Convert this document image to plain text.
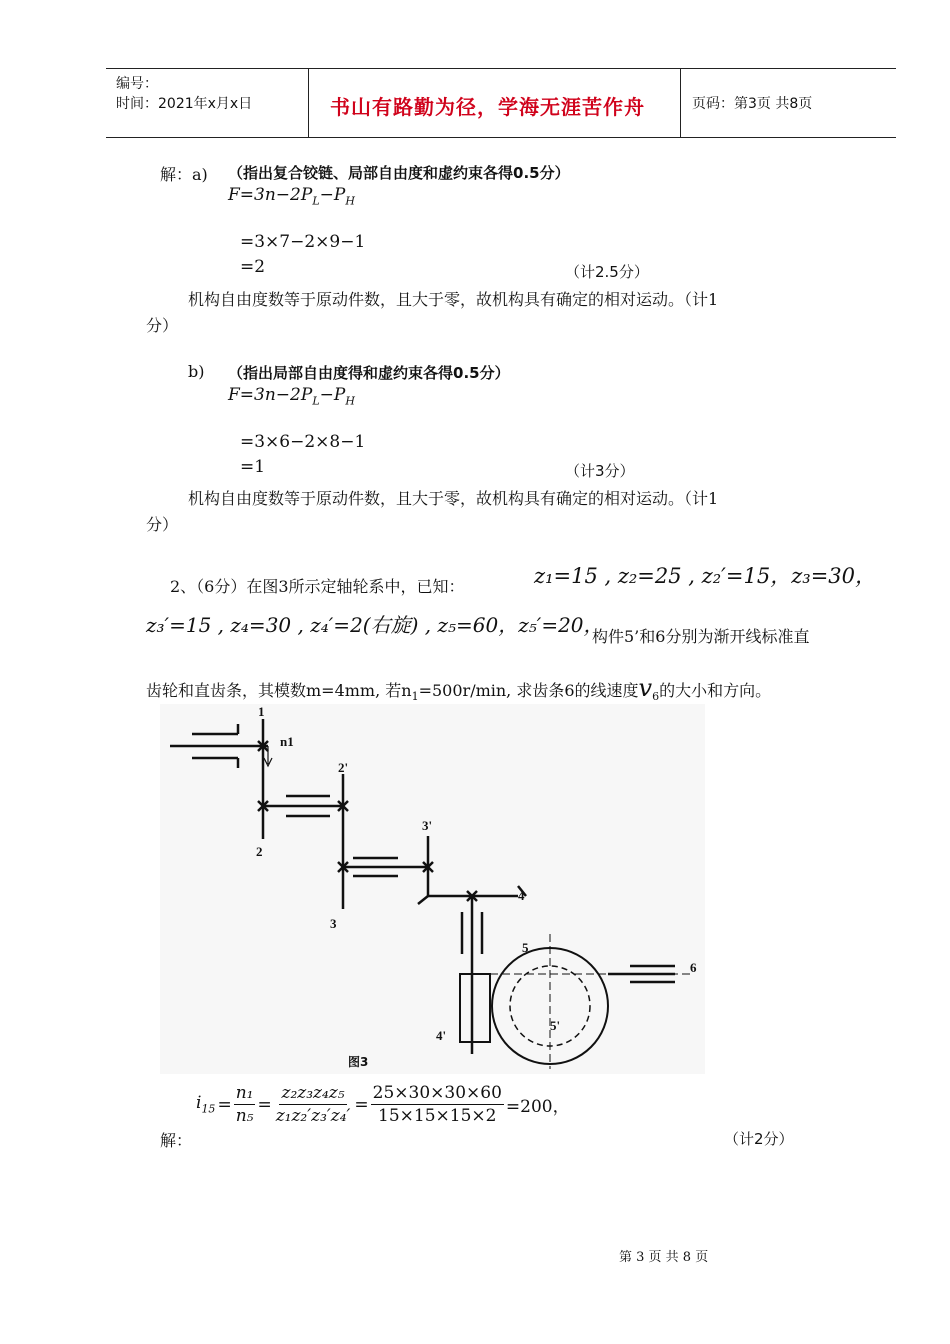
编号：
时间：2021年x月x日	书山有路勤为径，学海无涯苦作舟	页码：第3页 共8页
解：a) （指出复合铰链、局部自由度和虚约束各得0.5分）
$F=3n-2P_L-P_H$
=3×7−2×9−1
=2	（计2.5分）
机构自由度数等于原动件数，且大于零，故机构具有确定的相对运动。（计1
分）
b) （指出局部自由度得和虚约束各得0.5分）
$F=3n-2P_L-P_H$
=3×6−2×8−1
=1	（计3分）
机构自由度数等于原动件数，且大于零，故机构具有确定的相对运动。（计1
分）
2、（6分）在图3所示定轴轮系中，已知：	z₁=15 , z₂=25 , z₂′=15，z₃=30，
z₃′=15 , z₄=30 , z₄′=2(右旋) , z₅=60，z₅′=20，
构件5’和6分别为渐开线标准直
齿轮和直齿条，其模数m=4mm, 若$n_1=500r/\min$, 求齿条6的线速度$v_6$的大小和方向。
1
n1
2'
2
3'
3
4
5
6
4'
5'
图3
$i_{15} = \frac{\text{n₁}}{\text{n₅}} = \frac{\text{z₂z₃z₄z₅}}{\text{z₁z₂′z₃′z₄′}} = \frac{25\times 30\times 30\times 60}{15\times 15\times 15\times 2} =200$，
解：	（计2分）
第 3 页 共 8 页
